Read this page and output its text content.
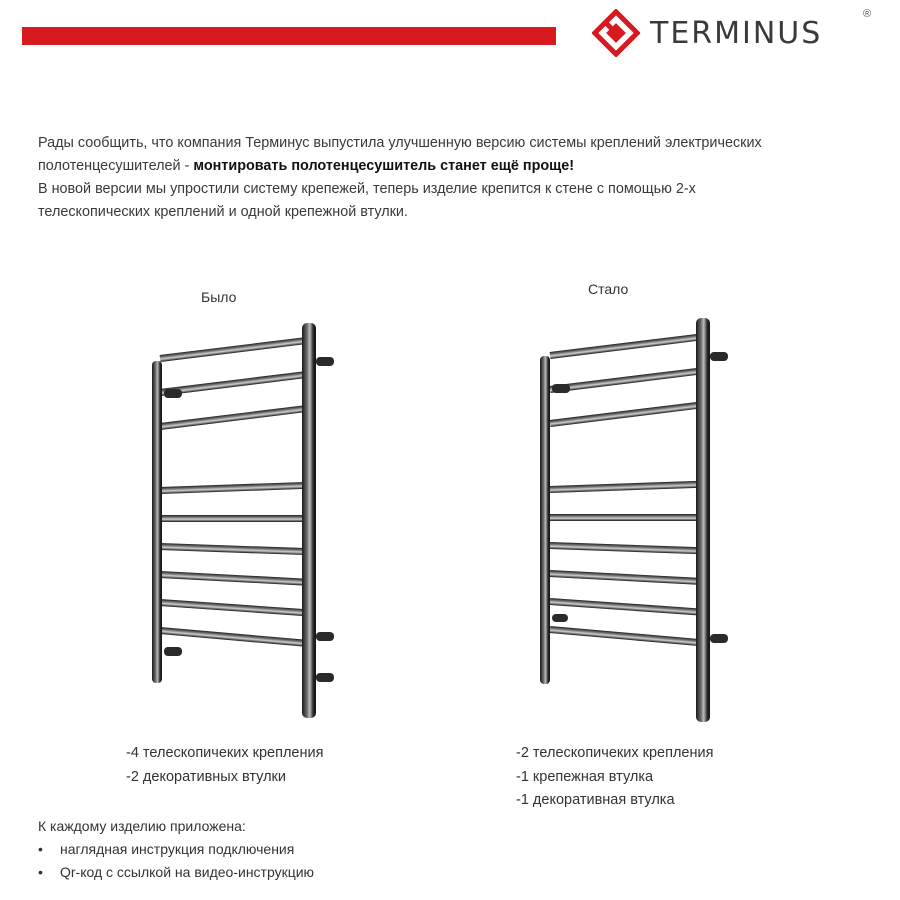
TERMINUS
®

Рады сообщить, что компания Терминус выпустила улучшенную версию системы креплений электрических

полотенцесушителей - монтировать полотенцесушитель станет ещё проще!

В новой версии мы упростили систему крепежей, теперь изделие крепится к стене с помощью 2-х

телескопических креплений и одной крепежной втулки.

Было	Стало
-4 телескопичеких крепления
-2 декоративных втулки
-2 телескопичеких крепления
-1 крепежная втулка
-1 декоративная втулка
К каждому изделию приложена:
•	наглядная инструкция подключения
•	Qr-код с ссылкой на видео-инструкцию
